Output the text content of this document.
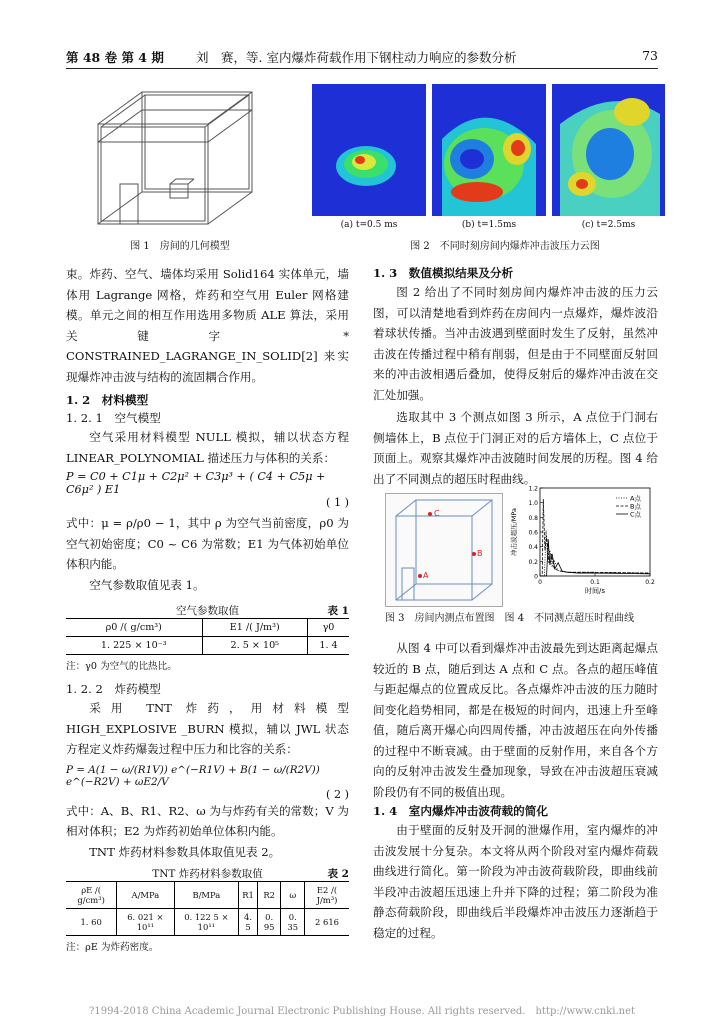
第 48 卷 第 4 期	刘　赛，等. 室内爆炸荷载作用下钢柱动力响应的参数分析	73
图 1　房间的几何模型
(a) t=0.5 ms	(b) t=1.5ms	(c) t=2.5ms
图 2　不同时刻房间内爆炸冲击波压力云图
束。炸药、空气、墙体均采用 Solid164 实体单元，墙体用 Lagrange 网格，炸药和空气用 Euler 网格建模。单元之间的相互作用选用多物质 ALE 算法，采用关键字 * CONSTRAINED_LAGRANGE_IN_SOLID[2] 来实现爆炸冲击波与结构的流固耦合作用。
1. 2　材料模型
1. 2. 1　空气模型
空气采用材料模型 NULL 模拟，辅以状态方程 LINEAR_POLYNOMIAL 描述压力与体积的关系：
P = C0 + C1μ + C2μ² + C3μ³ + ( C4 + C5μ + C6μ² ) E1
( 1 )
式中：μ = ρ/ρ0 − 1，其中 ρ 为空气当前密度，ρ0 为空气初始密度；C0 ~ C6 为常数；E1 为气体初始单位体积内能。
空气参数取值见表 1。
空气参数取值	表 1
ρ0 /( g/cm³)	E1 /( J/m³)	γ0
1. 225 × 10⁻³	2. 5 × 10⁵	1. 4
注：γ0 为空气的比热比。
1. 2. 2　炸药模型
采用 TNT 炸药，用材料模型 HIGH_EXPLOSIVE _BURN 模拟，辅以 JWL 状态方程定义炸药爆轰过程中压力和比容的关系：
P = A(1 − ω/(R1V)) e^(−R1V) + B(1 − ω/(R2V)) e^(−R2V) + ωE2/V
( 2 )
式中：A、B、R1、R2、ω 为与炸药有关的常数；V 为相对体积；E2 为炸药初始单位体积内能。
TNT 炸药材料参数具体取值见表 2。
TNT 炸药材料参数取值	表 2
ρE /( g/cm³)	A/MPa	B/MPa	R1	R2	ω	E2 /( J/m³)
1. 60	6. 021 × 10¹¹	0. 122 5 × 10¹¹	4. 5	0. 95	0. 35	2 616
注：ρE 为炸药密度。
1. 3　数值模拟结果及分析
图 2 给出了不同时刻房间内爆炸冲击波的压力云图，可以清楚地看到炸药在房间内一点爆炸，爆炸波沿着球状传播。当冲击波遇到壁面时发生了反射，虽然冲击波在传播过程中稍有削弱，但是由于不同壁面反射回来的冲击波相遇后叠加，使得反射后的爆炸冲击波在交汇处加强。
选取其中 3 个测点如图 3 所示，A 点位于门洞右侧墙体上，B 点位于门洞正对的后方墙体上，C 点位于顶面上。观察其爆炸冲击波随时间发展的历程。图 4 给出了不同测点的超压时程曲线。
C
B
A	0
0.2
0.4
0.6
0.8
1.0
1.2
0	0.1	0.2
时间/s
冲击波超压/MPa
A点
B点
C点
图 3　房间内测点布置图　图 4　不同测点超压时程曲线
从图 4 中可以看到爆炸冲击波最先到达距离起爆点较近的 B 点，随后到达 A 点和 C 点。各点的超压峰值与距起爆点的位置成反比。各点爆炸冲击波的压力随时间变化趋势相同，都是在极短的时间内，迅速上升至峰值，随后离开爆心向四周传播，冲击波超压在向外传播的过程中不断衰减。由于壁面的反射作用，来自各个方向的反射冲击波发生叠加现象，导致在冲击波超压衰减阶段仍有不同的极值出现。
1. 4　室内爆炸冲击波荷载的简化
由于壁面的反射及开洞的泄爆作用，室内爆炸的冲击波发展十分复杂。本文将从两个阶段对室内爆炸荷载曲线进行简化。第一阶段为冲击波荷载阶段，即曲线前半段冲击波超压迅速上升并下降的过程；第二阶段为准静态荷载阶段，即曲线后半段爆炸冲击波压力逐渐趋于稳定的过程。
?1994-2018 China Academic Journal Electronic Publishing House. All rights reserved.　http://www.cnki.net
